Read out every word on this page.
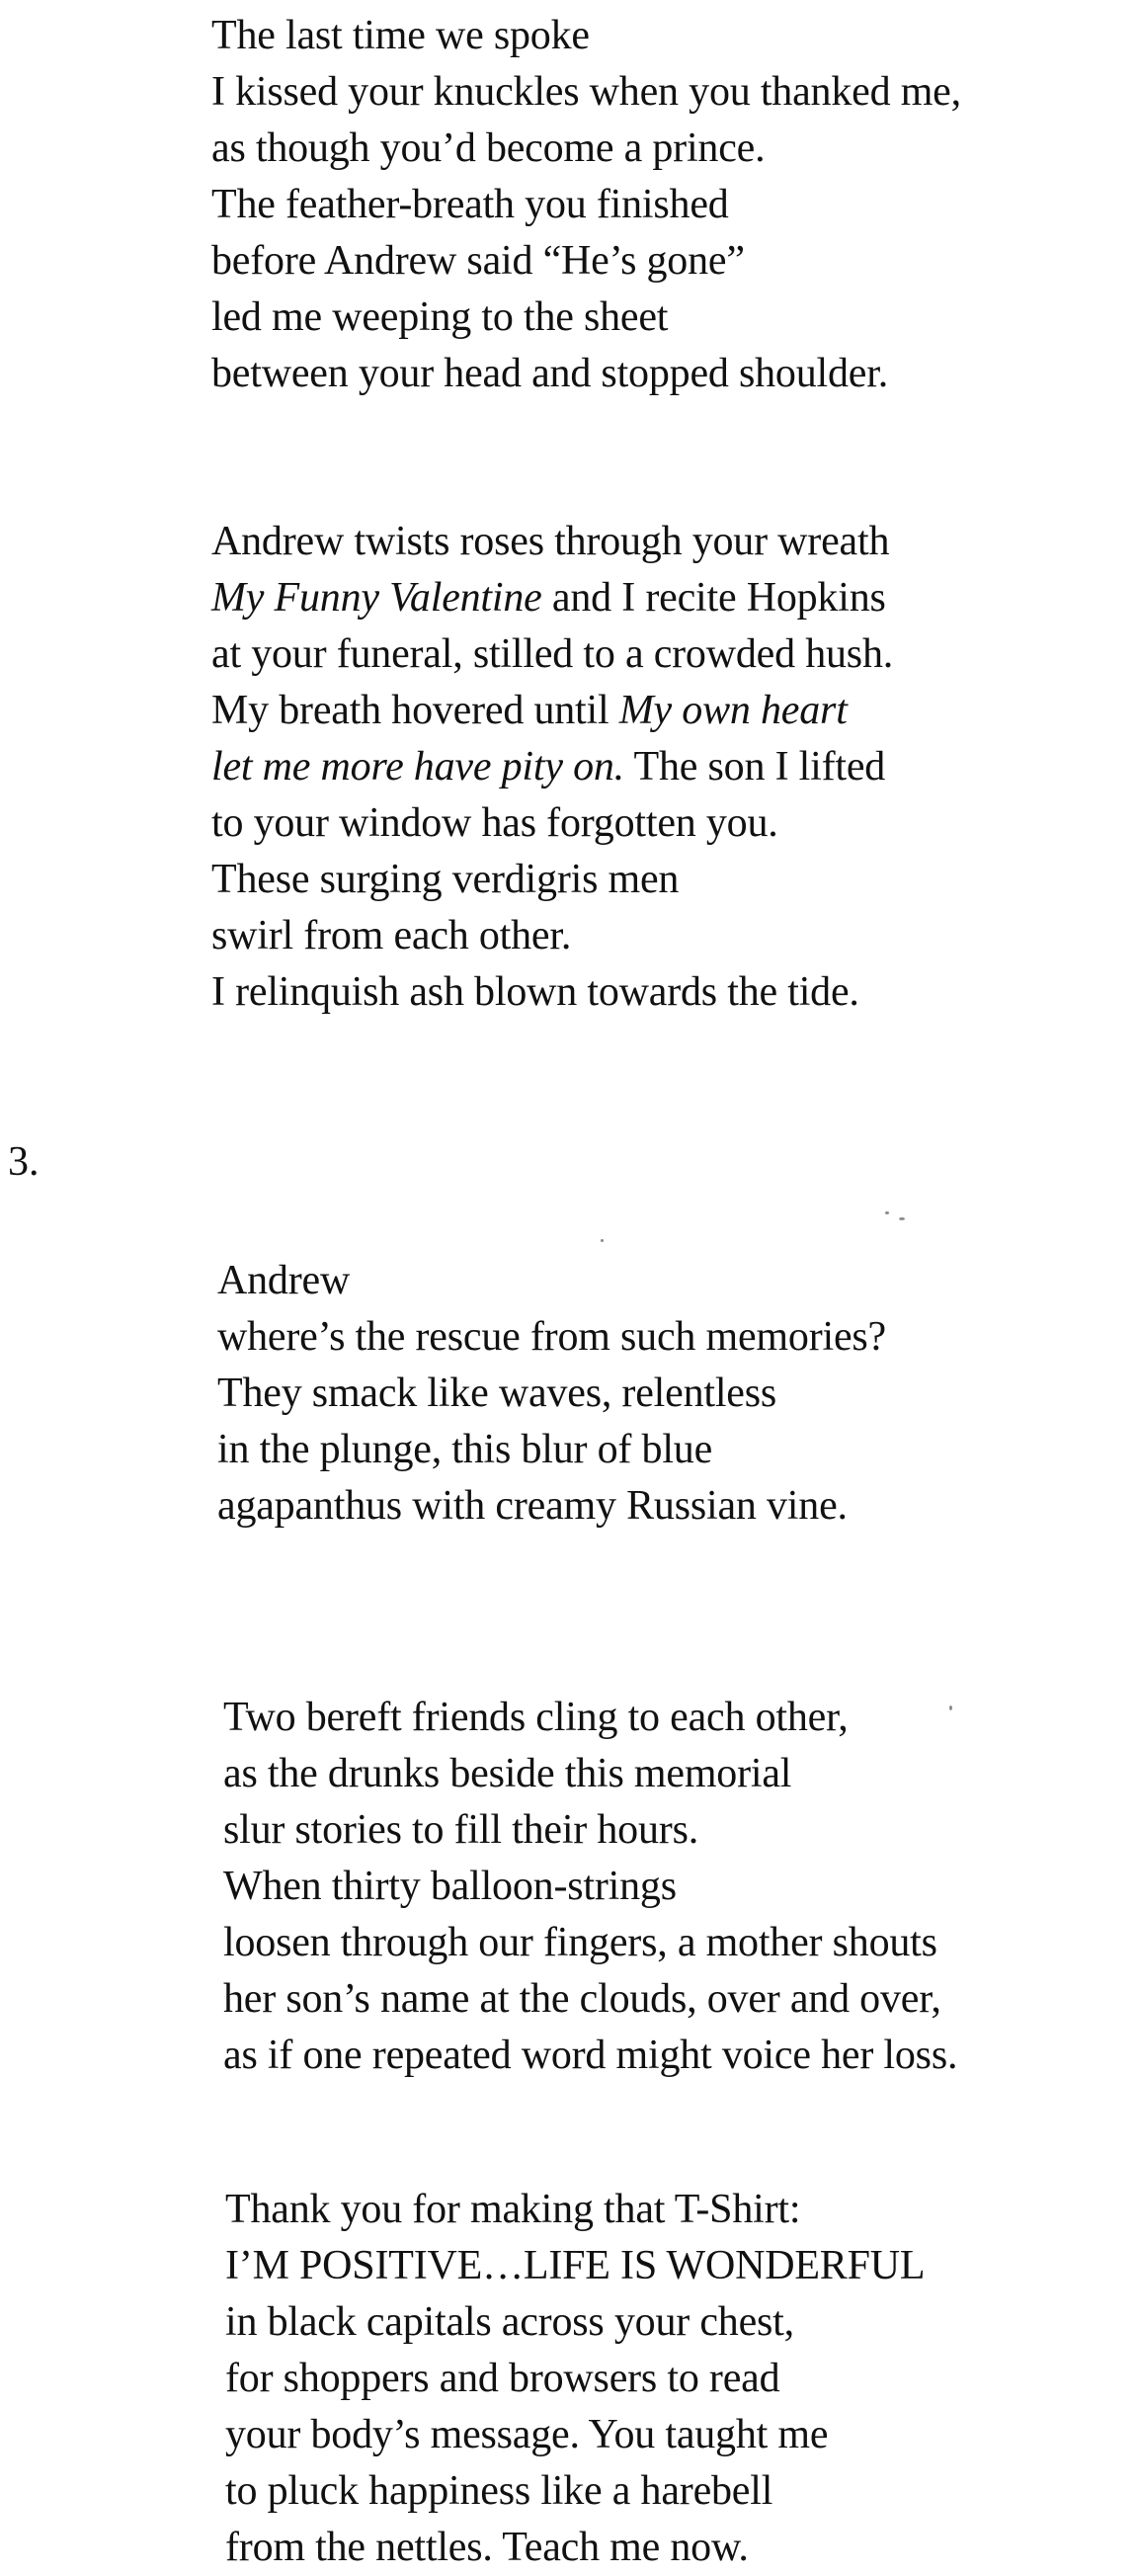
The last time we spoke
I kissed your knuckles when you thanked me,
as though you’d become a prince.
The feather-breath you finished
before Andrew said “He’s gone”
led me weeping to the sheet
between your head and stopped shoulder.
Andrew twists roses through your wreath
My Funny Valentine and I recite Hopkins
at your funeral, stilled to a crowded hush.
My breath hovered until My own heart
let me more have pity on. The son I lifted
to your window has forgotten you.
These surging verdigris men
swirl from each other.
I relinquish ash blown towards the tide.
3.
Andrew
where’s the rescue from such memories?
They smack like waves, relentless
in the plunge, this blur of blue
agapanthus with creamy Russian vine.
Two bereft friends cling to each other,
as the drunks beside this memorial
slur stories to fill their hours.
When thirty balloon-strings
loosen through our fingers, a mother shouts
her son’s name at the clouds, over and over,
as if one repeated word might voice her loss.
Thank you for making that T-Shirt:
I’M POSITIVE…LIFE IS WONDERFUL
in black capitals across your chest,
for shoppers and browsers to read
your body’s message. You taught me
to pluck happiness like a harebell
from the nettles. Teach me now.
